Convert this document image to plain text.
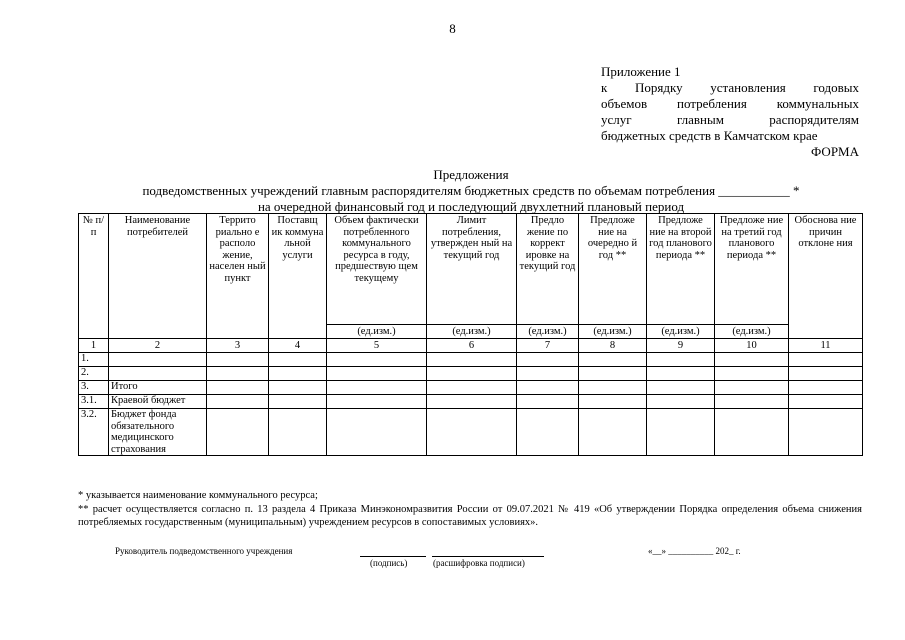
8
Приложение 1
к Порядку установления годовых
объемов потребления коммунальных
услуг главным распорядителям
бюджетных средств в Камчатском крае
ФОРМА
Предложения
подведомственных учреждений главным распорядителям бюджетных средств по объемам потребления ___________ *
на очередной финансовый год и последующий двухлетний плановый период
№ п/п	Наименование потребителей	Террито риально е располо жение, населен ный пункт	Поставщ ик коммуна льной услуги	Объем фактически потребленного коммунального ресурса в году, предшествую щем текущему	Лимит потребления, утвержден ный на текущий год	Предло жение по коррект ировке на текущий год	Предложе ние на очередно й год **	Предложе ние на второй год планового периода **	Предложе ние на третий год планового периода **	Обоснова ние причин отклоне ния
				(ед.изм.)	(ед.изм.)	(ед.изм.)	(ед.изм.)	(ед.изм.)	(ед.изм.)	
1	2	3	4	5	6	7	8	9	10	11
1.										
2.										
3.	Итого									
3.1.	Краевой бюджет									
3.2.	Бюджет фонда обязательного медицинского страхования									
* указывается наименование коммунального ресурса;
** расчет осуществляется согласно п. 13 раздела 4 Приказа Минэкономразвития России от 09.07.2021 № 419 «Об утверждении Порядка определения объема снижения потребляемых государственным (муниципальным) учреждением ресурсов в сопоставимых условиях».
Руководитель подведомственного учреждения
(подпись)	(расшифровка подписи)
«__» __________ 202_ г.
